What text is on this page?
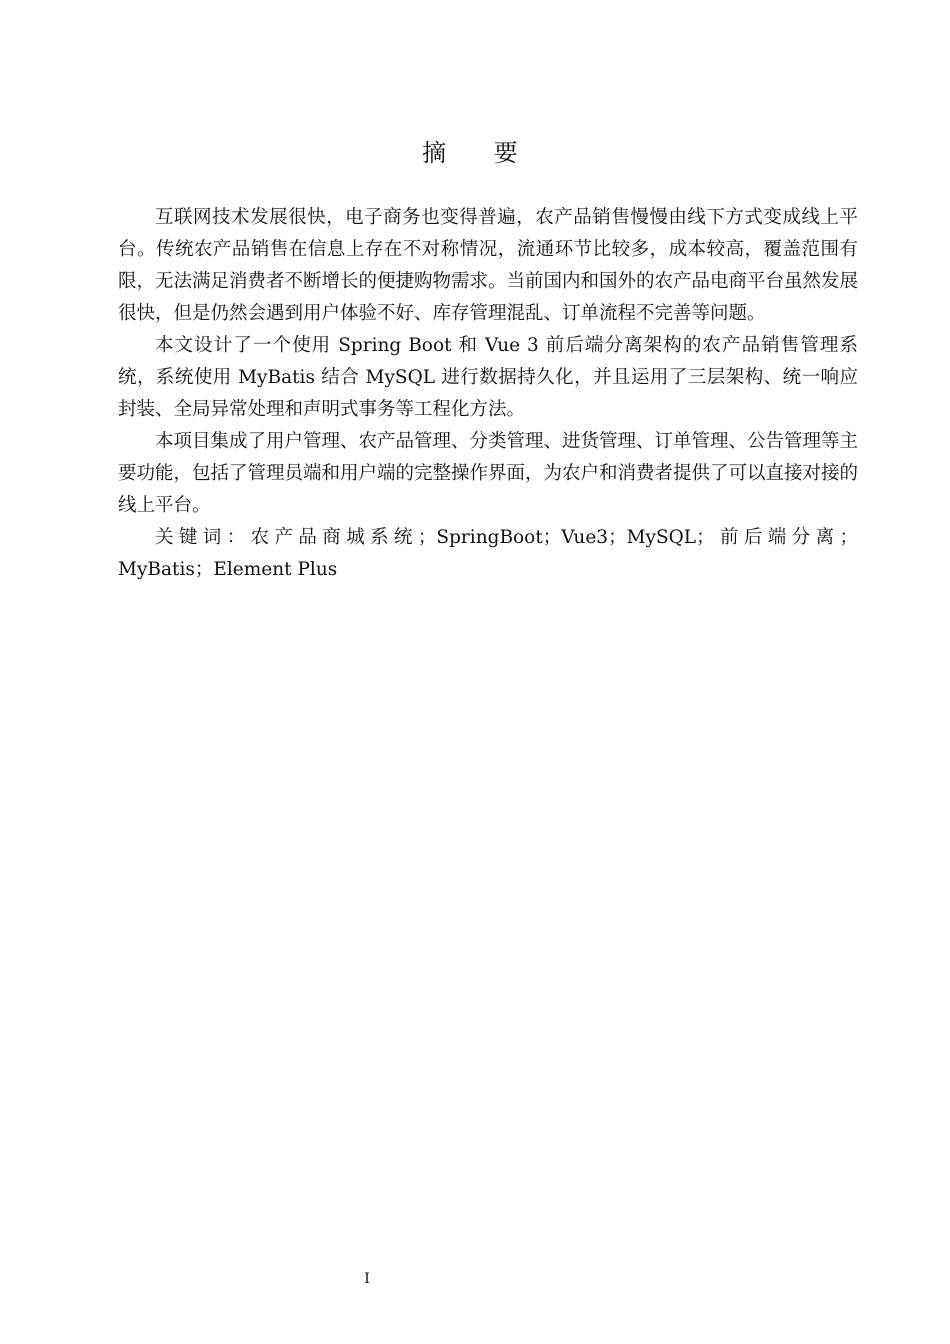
摘 要

互联网技术发展很快，电子商务也变得普遍，农产品销售慢慢由线下方式变成线上平台。传统农产品销售在信息上存在不对称情况，流通环节比较多，成本较高，覆盖范围有限，无法满足消费者不断增长的便捷购物需求。当前国内和国外的农产品电商平台虽然发展很快，但是仍然会遇到用户体验不好、库存管理混乱、订单流程不完善等问题。

本文设计了一个使用 Spring Boot 和 Vue 3 前后端分离架构的农产品销售管理系统，系统使用 MyBatis 结合 MySQL 进行数据持久化，并且运用了三层架构、统一响应封装、全局异常处理和声明式事务等工程化方法。

本项目集成了用户管理、农产品管理、分类管理、进货管理、订单管理、公告管理等主要功能，包括了管理员端和用户端的完整操作界面，为农户和消费者提供了可以直接对接的线上平台。

关键词：农产品商城系统；SpringBoot；Vue3；MySQL；前后端分离；MyBatis；Element Plus

I
